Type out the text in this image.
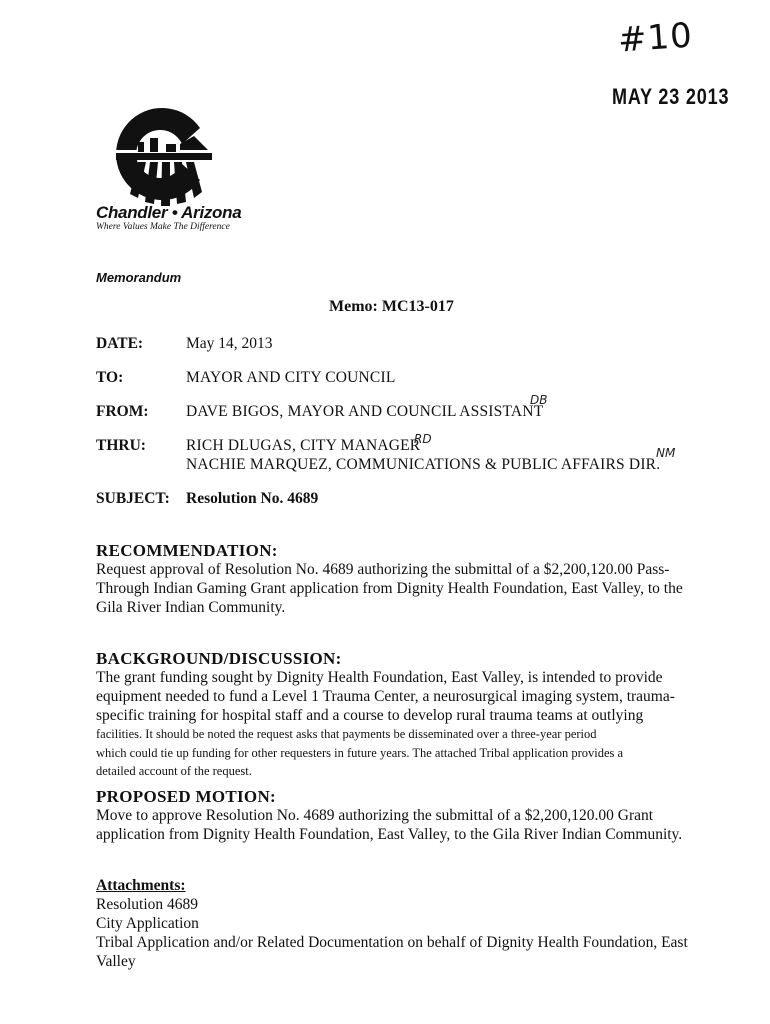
#10
MAY 23 2013
Chandler • Arizona
Where Values Make The Difference
Memorandum
Memo: MC13-017
DATE:	May 14, 2013
TO:	MAYOR AND CITY COUNCIL
FROM: DAVE BIGOS, MAYOR AND COUNCIL ASSISTANT
DB
THRU:	RICH DLUGAS, CITY MANAGER
RD
NACHIE MARQUEZ, COMMUNICATIONS & PUBLIC AFFAIRS DIR.
NM
SUBJECT: Resolution No. 4689
RECOMMENDATION:
Request approval of Resolution No. 4689 authorizing the submittal of a $2,200,120.00 Pass-
Through Indian Gaming Grant application from Dignity Health Foundation, East Valley, to the
Gila River Indian Community.
BACKGROUND/DISCUSSION:
The grant funding sought by Dignity Health Foundation, East Valley, is intended to provide
equipment needed to fund a Level 1 Trauma Center, a neurosurgical imaging system, trauma-
specific training for hospital staff and a course to develop rural trauma teams at outlying
facilities. It should be noted the request asks that payments be disseminated over a three-year period
which could tie up funding for other requesters in future years. The attached Tribal application provides a
detailed account of the request.
PROPOSED MOTION:
Move to approve Resolution No. 4689 authorizing the submittal of a $2,200,120.00 Grant
application from Dignity Health Foundation, East Valley, to the Gila River Indian Community.
Attachments:
Resolution 4689
City Application
Tribal Application and/or Related Documentation on behalf of Dignity Health Foundation, East
Valley
